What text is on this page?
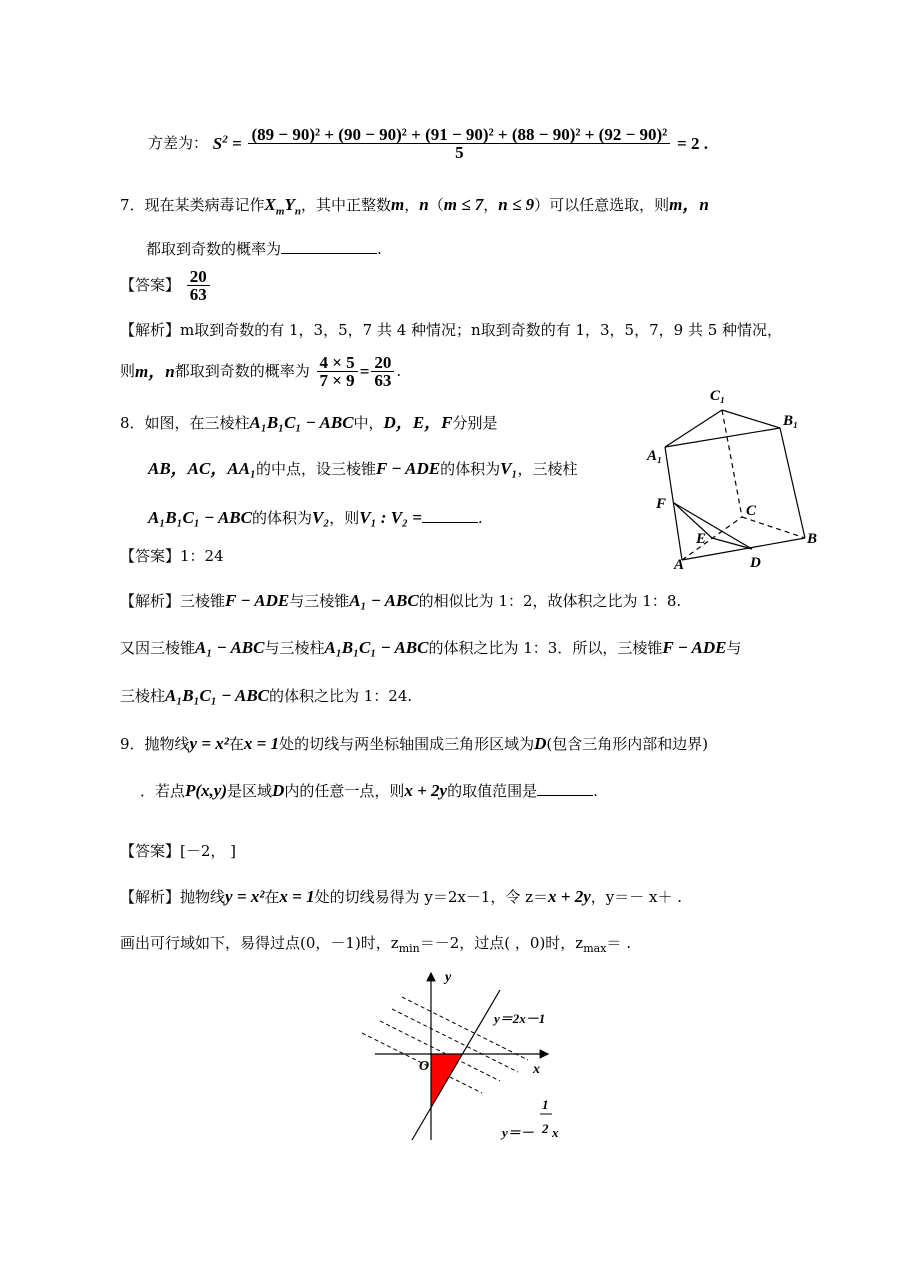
方差为： $S^2 = (89 - 90)^2 + (90 - 90)^2 + (91 - 90)^2 + (88 - 90)^2 + (92 - 90)^2$
5	= 2 .
7．现在某类病毒记作$X_mY_n$，其中正整数m，n（m ≤ 7，n ≤ 9）可以任意选取，则m，n
都取到奇数的概率为	.
【答案】 $\frac{20}{63}$
【解析】m取到奇数的有 1，3，5，7 共 4 种情况；n取到奇数的有 1，3，5，7，9 共 5 种情况，
则m，n都取到奇数的概率为 $\frac{4 \times 5}{7 \times 9} = \frac{20}{63}$ .
8．如图，在三棱柱A₁B₁C₁ − ABC中，D，E，F分别是
AB，AC，AA₁的中点，设三棱锥F − ADE的体积为V₁，三棱柱
A₁B₁C₁ − ABC的体积为V₂，则V₁ : V₂ =	.
【答案】1：24
C₁
B₁
A₁
F	C
E	B
A	D
【解析】三棱锥F − ADE与三棱锥A₁ − ABC的相似比为 1：2，故体积之比为 1：8.
又因三棱锥A₁ − ABC与三棱柱A₁B₁C₁ − ABC的体积之比为 1：3．所以，三棱锥F − ADE与
三棱柱A₁B₁C₁ − ABC的体积之比为 1：24.
9．抛物线y = x²在x = 1处的切线与两坐标轴围成三角形区域为D(包含三角形内部和边界)
．若点P(x,y)是区域D内的任意一点，则x + 2y的取值范围是	.
【答案】[－2， ]
【解析】抛物线y = x²在x = 1处的切线易得为 y＝2x－1，令 z＝x + 2y，y＝－ x＋ .
画出可行域如下，易得过点(0，－1)时，$z_{min}=-2$，过点( ，0)时，$z_{max}=$ .
y
x
O
y＝2x－1
y＝－
1
2 x
